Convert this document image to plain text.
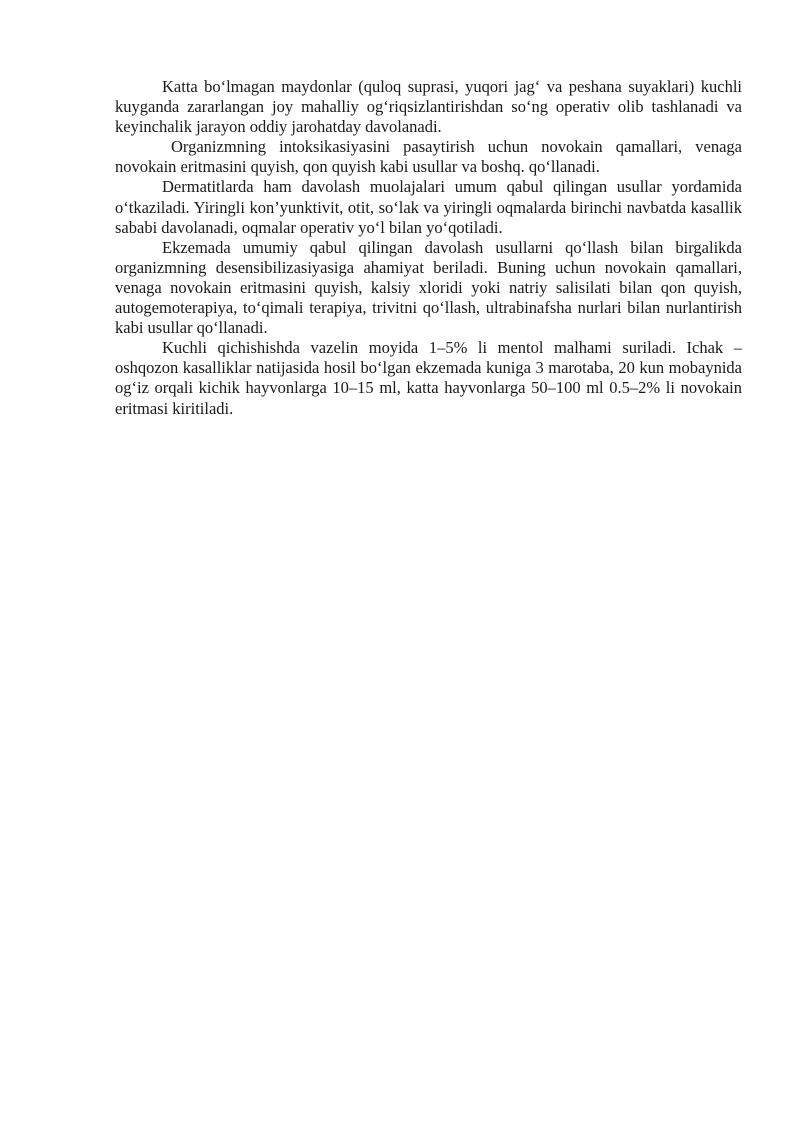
Katta bo‘lmagan maydonlar (quloq suprasi, yuqori jag‘ va peshana suyaklari) kuchli kuyganda zararlangan joy mahalliy og‘riqsizlantirishdan so‘ng operativ olib tashlanadi va keyinchalik jarayon oddiy jarohatday davolanadi.

Organizmning intoksikasiyasini pasaytirish uchun novokain qamallari, venaga novokain eritmasini quyish, qon quyish kabi usullar va boshq. qo‘llanadi.

Dermatitlarda ham davolash muolajalari umum qabul qilingan usullar yordamida o‘tkaziladi. Yiringli kon’yunktivit, otit, so‘lak va yiringli oqmalarda birinchi navbatda kasallik sababi davolanadi, oqmalar operativ yo‘l bilan yo‘qotiladi.

Ekzemada umumiy qabul qilingan davolash usullarni qo‘llash bilan birgalikda organizmning desensibilizasiyasiga ahamiyat beriladi. Buning uchun novokain qamallari, venaga novokain eritmasini quyish, kalsiy xloridi yoki natriy salisilati bilan qon quyish, autogemoterapiya, to‘qimali terapiya, trivitni qo‘llash, ultrabinafsha nurlari bilan nurlantirish kabi usullar qo‘llanadi.

Kuchli qichishishda vazelin moyida 1–5% li mentol malhami suriladi. Ichak – oshqozon kasalliklar natijasida hosil bo‘lgan ekzemada kuniga 3 marotaba, 20 kun mobaynida og‘iz orqali kichik hayvonlarga 10–15 ml, katta hayvonlarga 50–100 ml 0.5–2% li novokain eritmasi kiritiladi.
